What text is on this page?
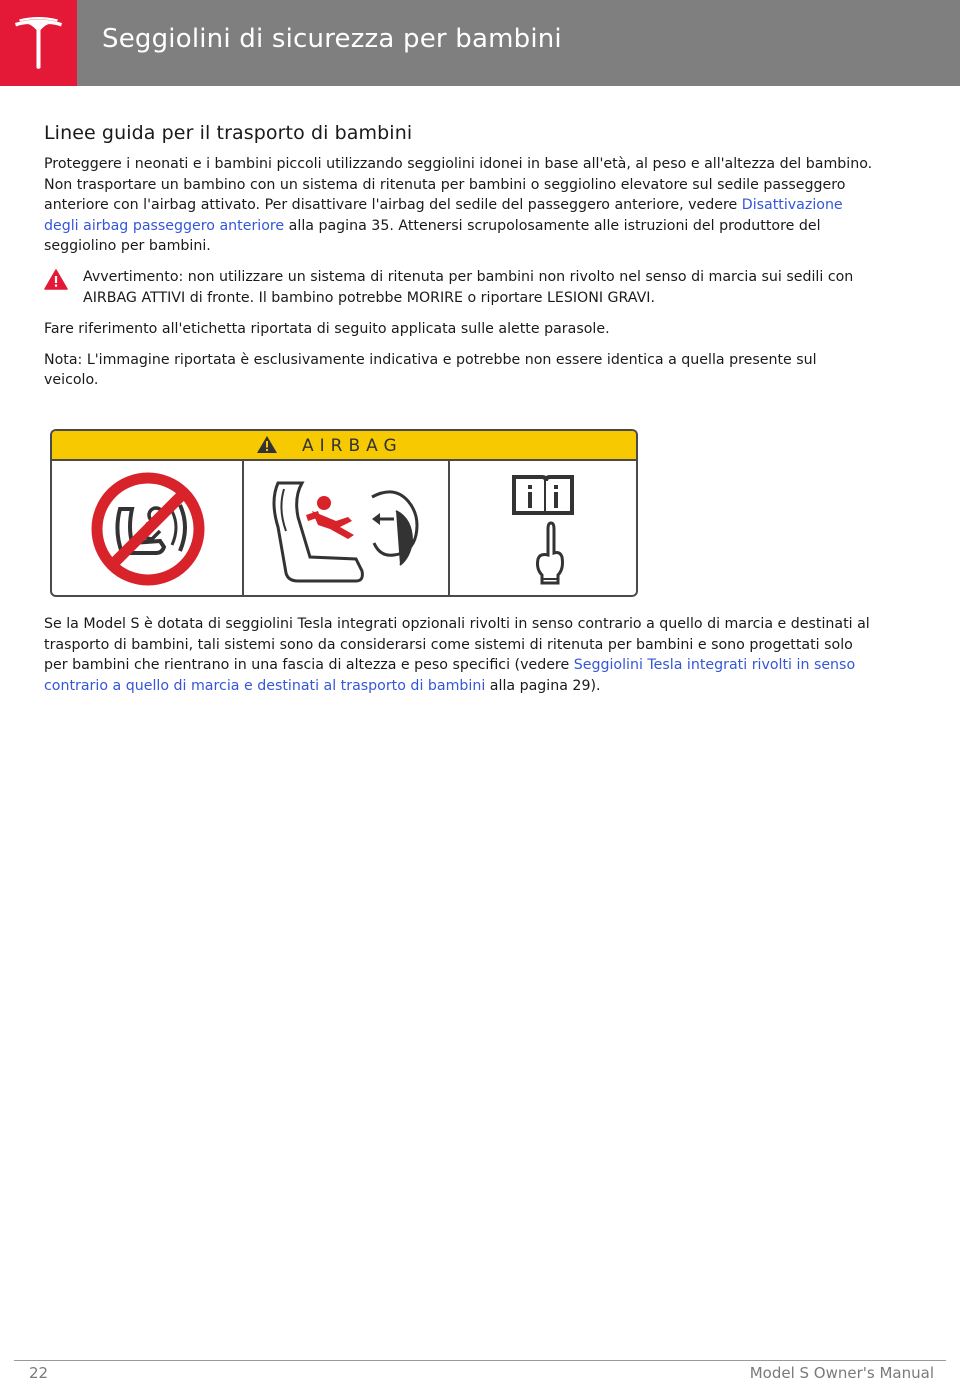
Seggiolini di sicurezza per bambini
Linee guida per il trasporto di bambini

Proteggere i neonati e i bambini piccoli utilizzando seggiolini idonei in base all'età, al peso e all'altezza del bambino. Non trasportare un bambino con un sistema di ritenuta per bambini o seggiolino elevatore sul sedile passeggero anteriore con l'airbag attivato. Per disattivare l'airbag del sedile del passeggero anteriore, vedere Disattivazione degli airbag passeggero anteriore alla pagina 35. Attenersi scrupolosamente alle istruzioni del produttore del seggiolino per bambini.

Avvertimento: non utilizzare un sistema di ritenuta per bambini non rivolto nel senso di marcia sui sedili con AIRBAG ATTIVI di fronte. Il bambino potrebbe MORIRE o riportare LESIONI GRAVI.

Fare riferimento all'etichetta riportata di seguito applicata sulle alette parasole.

Nota: L'immagine riportata è esclusivamente indicativa e potrebbe non essere identica a quella presente sul veicolo.

AIRBAG

Se la Model S è dotata di seggiolini Tesla integrati opzionali rivolti in senso contrario a quello di marcia e destinati al trasporto di bambini, tali sistemi sono da considerarsi come sistemi di ritenuta per bambini e sono progettati solo per bambini che rientrano in una fascia di altezza e peso specifici (vedere Seggiolini Tesla integrati rivolti in senso contrario a quello di marcia e destinati al trasporto di bambini alla pagina 29).

22	Model S Owner's Manual
